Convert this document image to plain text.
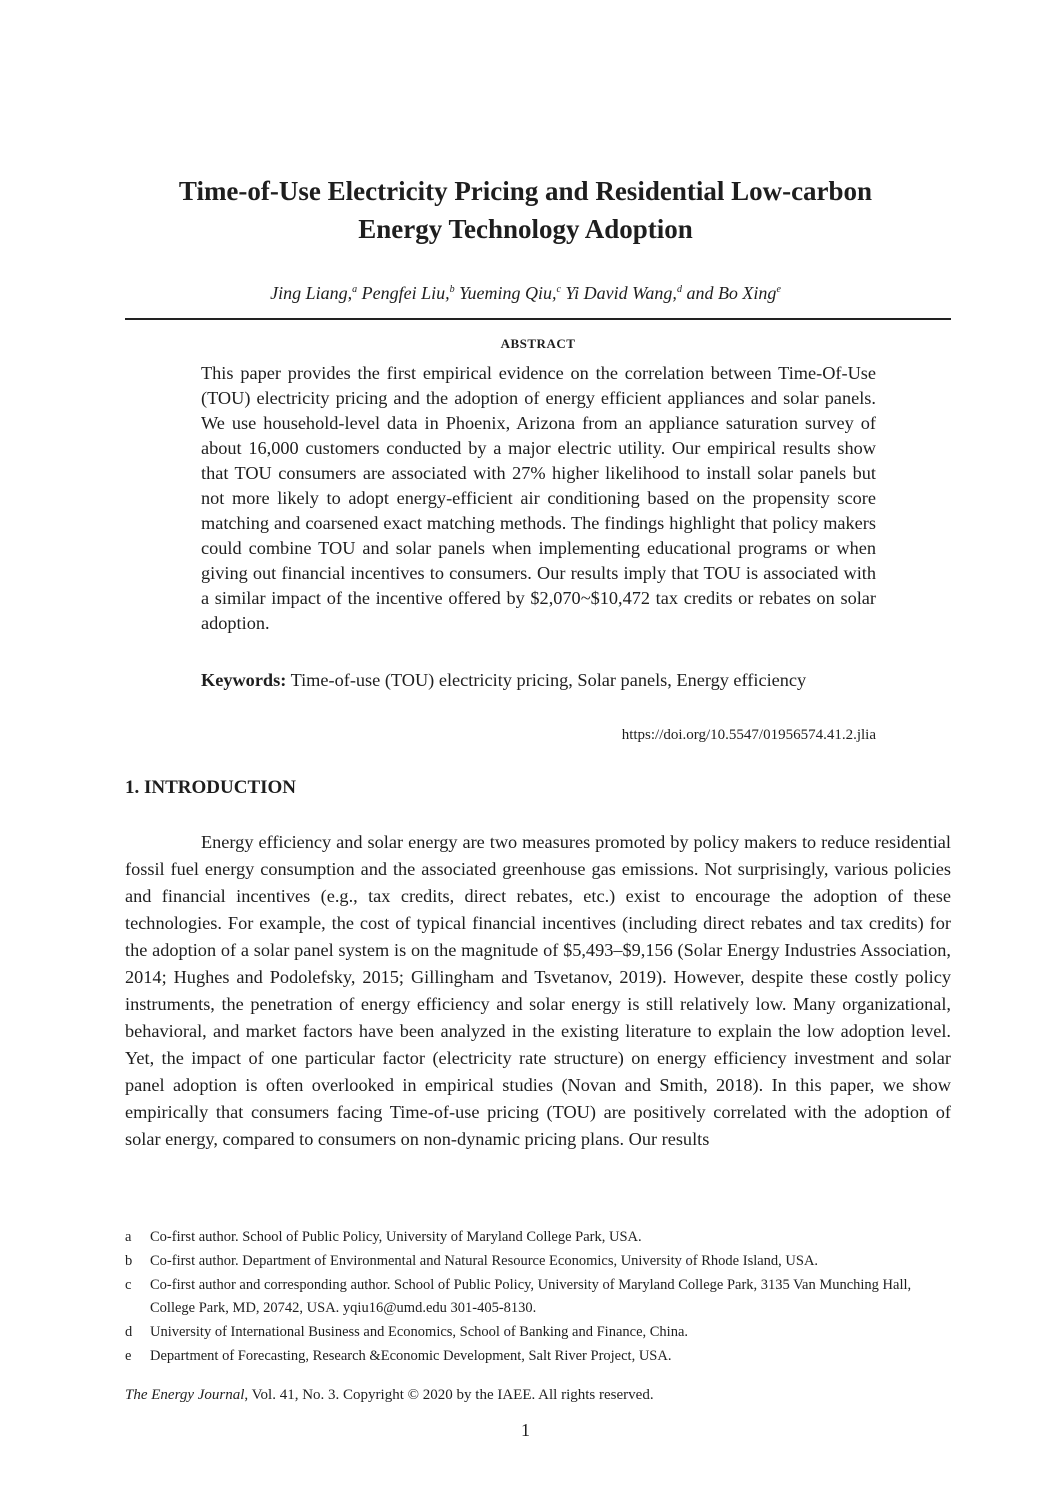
Time-of-Use Electricity Pricing and Residential Low-carbon
Energy Technology Adoption
Jing Liang,$^a$ Pengfei Liu,$^b$ Yueming Qiu,$^c$ Yi David Wang,$^d$ and Bo Xing$^e$
ABSTRACT

This paper provides the first empirical evidence on the correlation between Time-Of-Use (TOU) electricity pricing and the adoption of energy efficient appliances and solar panels. We use household-level data in Phoenix, Arizona from an appliance saturation survey of about 16,000 customers conducted by a major electric utility. Our empirical results show that TOU consumers are associated with 27% higher likelihood to install solar panels but not more likely to adopt energy-efficient air conditioning based on the propensity score matching and coarsened exact matching methods. The findings highlight that policy makers could combine TOU and solar panels when implementing educational programs or when giving out financial incentives to consumers. Our results imply that TOU is associated with a similar impact of the incentive offered by $2,070~$10,472 tax credits or rebates on solar adoption.

Keywords: Time-of-use (TOU) electricity pricing, Solar panels, Energy efficiency

https://doi.org/10.5547/01956574.41.2.jlia
1. INTRODUCTION

Energy efficiency and solar energy are two measures promoted by policy makers to reduce residential fossil fuel energy consumption and the associated greenhouse gas emissions. Not surprisingly, various policies and financial incentives (e.g., tax credits, direct rebates, etc.) exist to encourage the adoption of these technologies. For example, the cost of typical financial incentives (including direct rebates and tax credits) for the adoption of a solar panel system is on the magnitude of $5,493–$9,156 (Solar Energy Industries Association, 2014; Hughes and Podolefsky, 2015; Gillingham and Tsvetanov, 2019). However, despite these costly policy instruments, the penetration of energy efficiency and solar energy is still relatively low. Many organizational, behavioral, and market factors have been analyzed in the existing literature to explain the low adoption level. Yet, the impact of one particular factor (electricity rate structure) on energy efficiency investment and solar panel adoption is often overlooked in empirical studies (Novan and Smith, 2018). In this paper, we show empirically that consumers facing Time-of-use pricing (TOU) are positively correlated with the adoption of solar energy, compared to consumers on non-dynamic pricing plans. Our results

a Co-first author. School of Public Policy, University of Maryland College Park, USA.
b Co-first author. Department of Environmental and Natural Resource Economics, University of Rhode Island, USA.
c Co-first author and corresponding author. School of Public Policy, University of Maryland College Park, 3135 Van Munching Hall, College Park, MD, 20742, USA. yqiu16@umd.edu 301-405-8130.
d University of International Business and Economics, School of Banking and Finance, China.
e Department of Forecasting, Research &Economic Development, Salt River Project, USA.
The Energy Journal, Vol. 41, No. 3. Copyright © 2020 by the IAEE. All rights reserved.
1
